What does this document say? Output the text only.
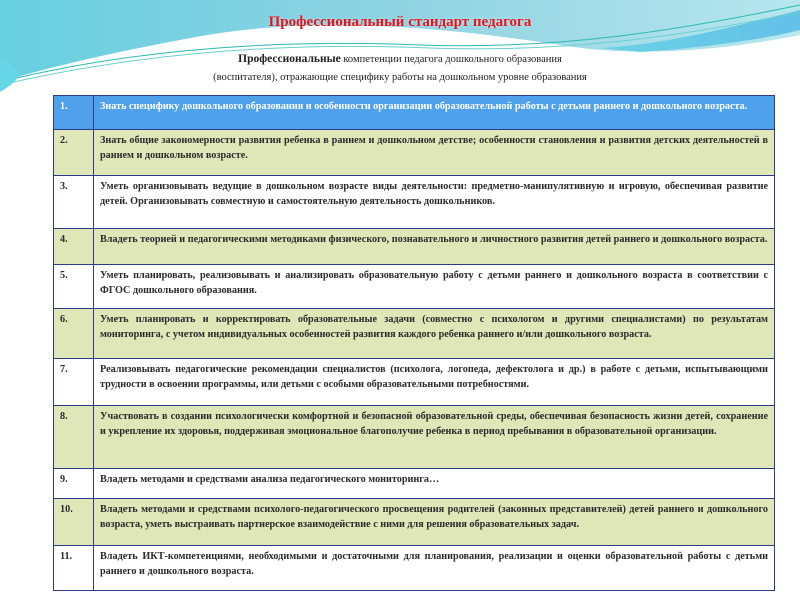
Профессиональный стандарт педагога
Профессиональные компетенции педагога дошкольного образования
(воспитателя), отражающие специфику работы на дошкольном уровне образования
1.	Знать специфику дошкольного образования и особенности организации образовательной работы с детьми раннего и дошкольного возраста.
2.	Знать общие закономерности развития ребенка в раннем и дошкольном детстве; особенности становления и развития детских деятельностей в раннем и дошкольном возрасте.
3.	Уметь организовывать ведущие в дошкольном возрасте виды деятельности: предметно-манипулятивную и игровую, обеспечивая развитие детей. Организовывать совместную и самостоятельную деятельность дошкольников.
4.	Владеть теорией и педагогическими методиками физического, познавательного и личностного развития детей раннего и дошкольного возраста.
5.	Уметь планировать, реализовывать и анализировать образовательную работу с детьми раннего и дошкольного возраста в соответствии с ФГОС дошкольного образования.
6.	Уметь планировать и корректировать образовательные задачи (совместно с психологом и другими специалистами) по результатам мониторинга, с учетом индивидуальных особенностей развития каждого ребенка раннего и/или дошкольного возраста.
7.	Реализовывать педагогические рекомендации специалистов (психолога, логопеда, дефектолога и др.) в работе с детьми, испытывающими трудности в освоении программы, или детьми с особыми образовательными потребностями.
8.	Участвовать в создании психологически комфортной и безопасной образовательной среды, обеспечивая безопасность жизни детей, сохранение и укрепление их здоровья, поддерживая эмоциональное благополучие ребенка в период пребывания в образовательной организации.
9.	Владеть методами и средствами анализа педагогического мониторинга…
10.	Владеть методами и средствами психолого-педагогического просвещения родителей (законных представителей) детей раннего и дошкольного возраста, уметь выстраивать партнерское взаимодействие с ними для решения образовательных задач.
11.	Владеть ИКТ-компетенциями, необходимыми и достаточными для планирования, реализации и оценки образовательной работы с детьми раннего и дошкольного возраста.
